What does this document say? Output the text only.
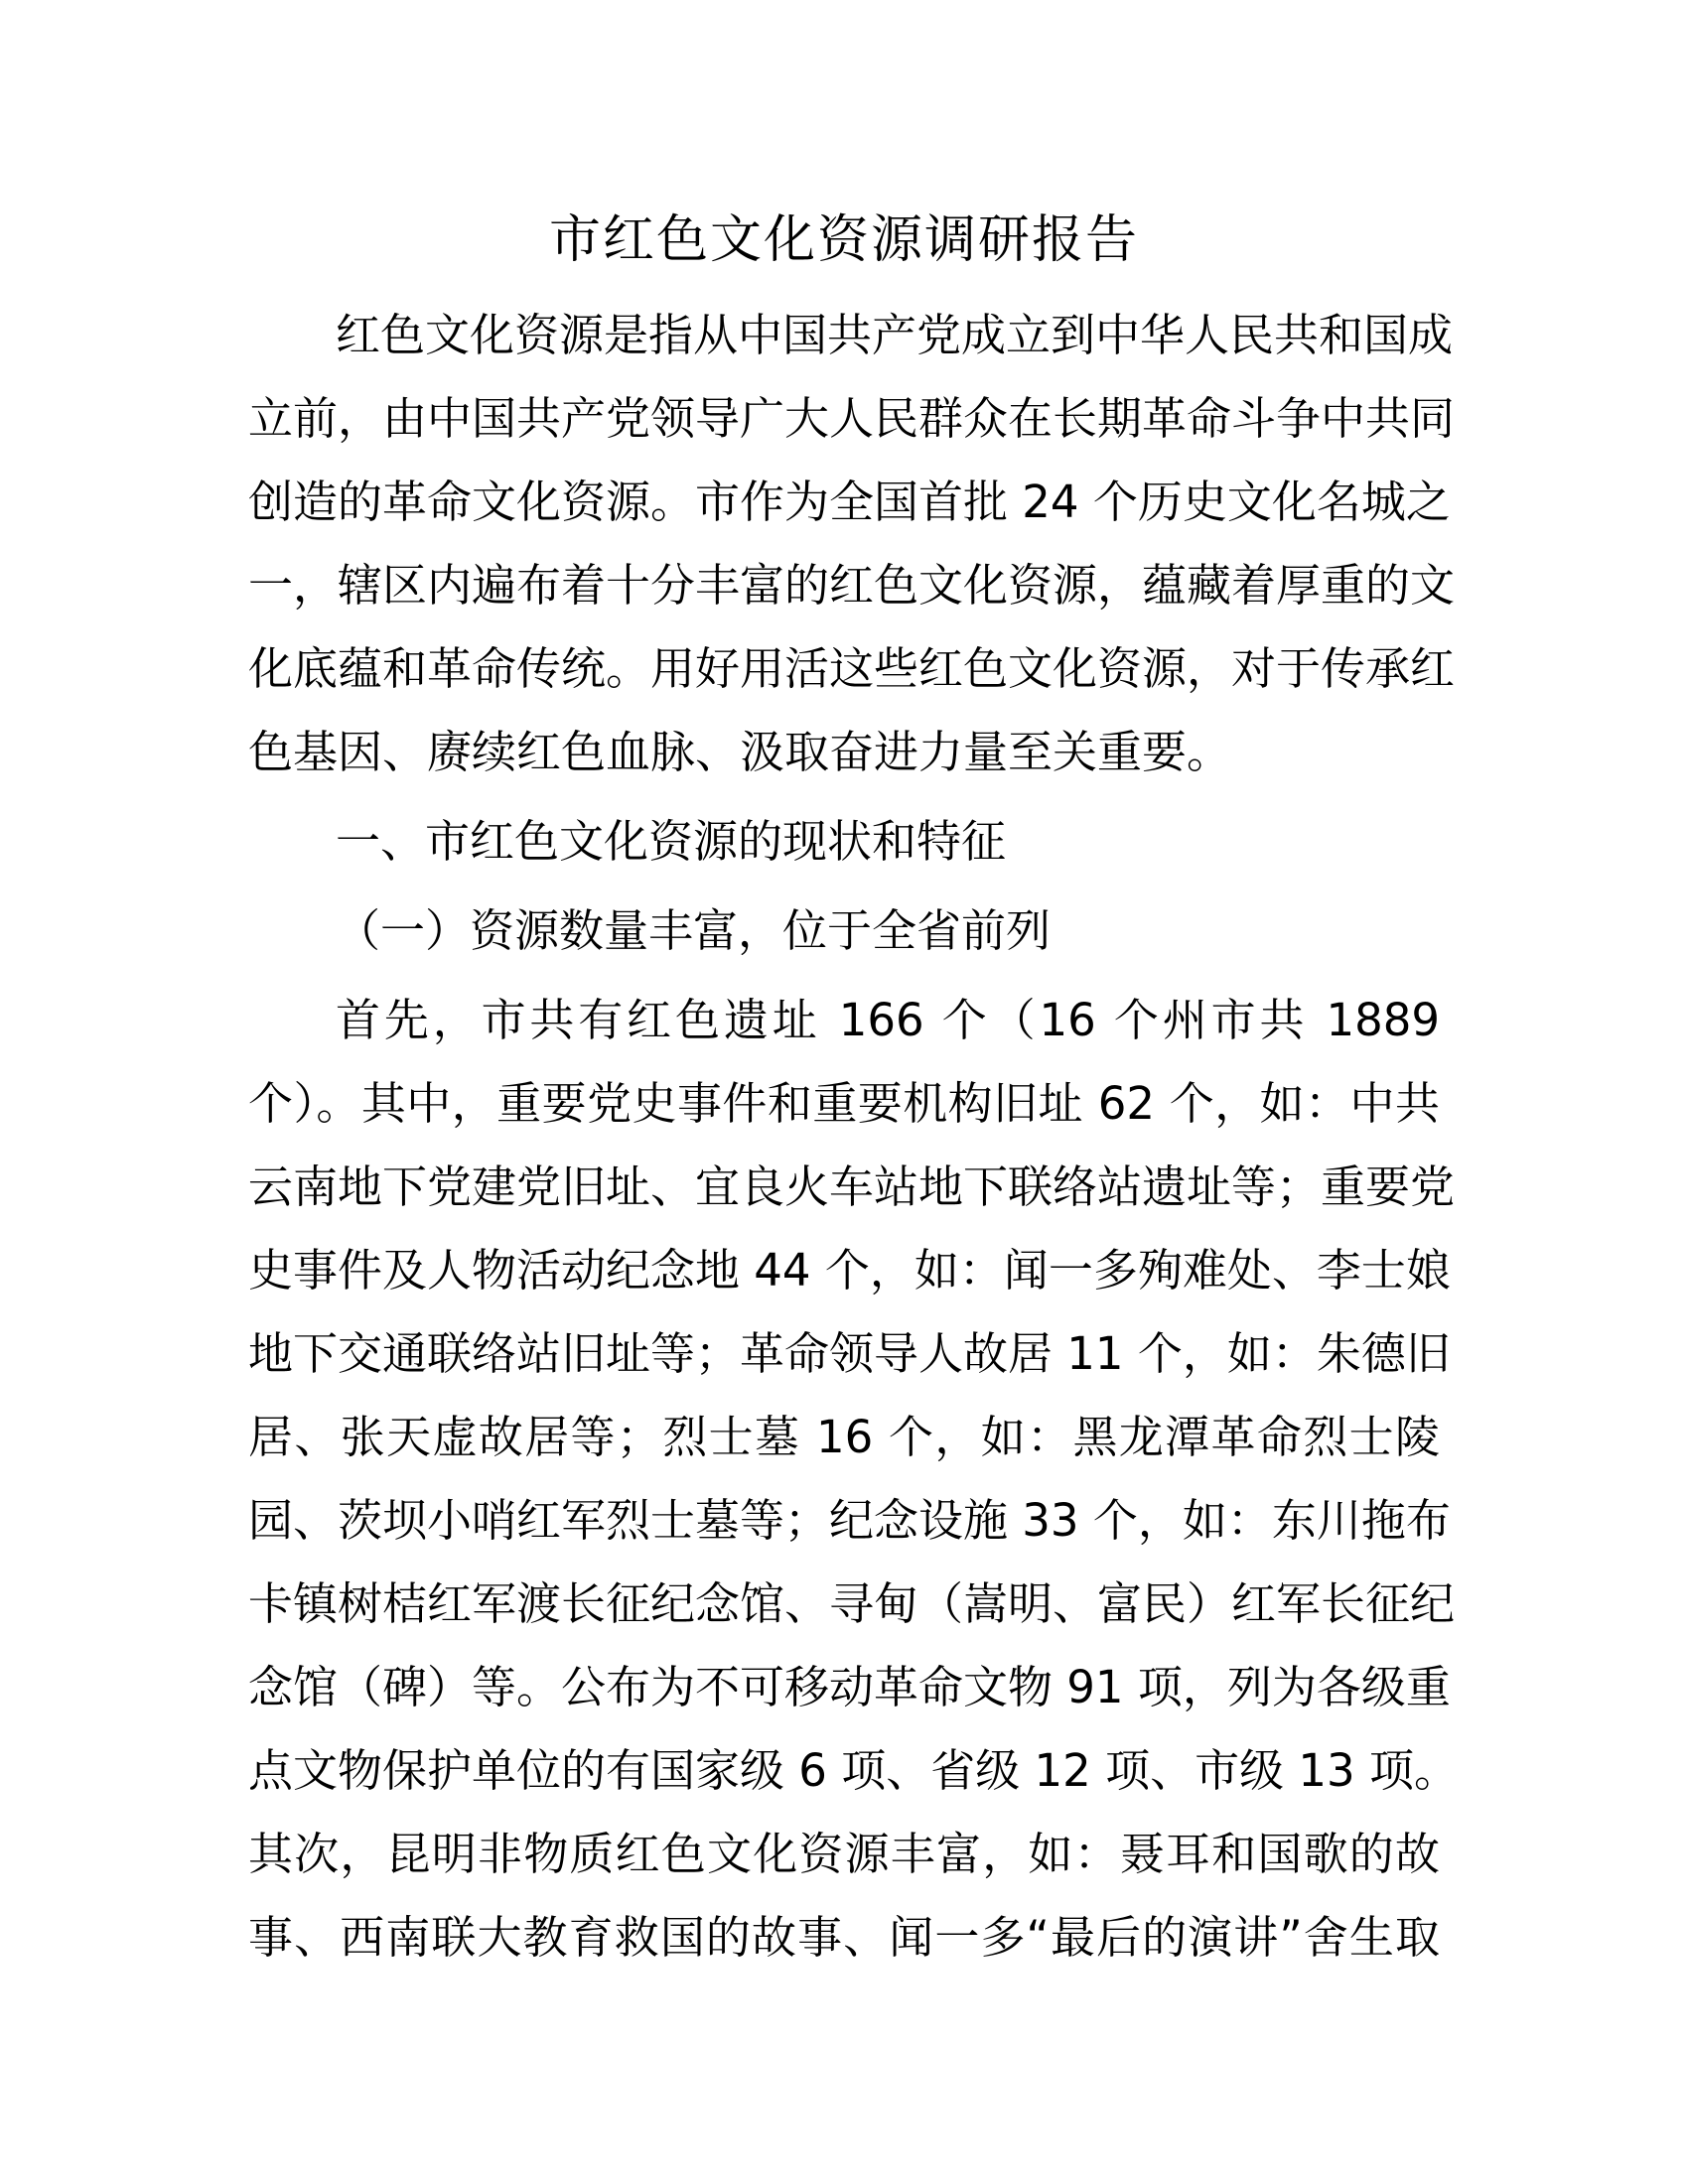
市红色文化资源调研报告
红色文化资源是指从中国共产党成立到中华人民共和国成
立前，由中国共产党领导广大人民群众在长期革命斗争中共同
创造的革命文化资源。市作为全国首批 24 个历史文化名城之
一，辖区内遍布着十分丰富的红色文化资源，蕴藏着厚重的文
化底蕴和革命传统。用好用活这些红色文化资源，对于传承红
色基因、赓续红色血脉、汲取奋进力量至关重要。
一、市红色文化资源的现状和特征
（一）资源数量丰富，位于全省前列
首先，市共有红色遗址 166 个（16 个州市共 1889
个）。其中，重要党史事件和重要机构旧址 62 个，如：中共
云南地下党建党旧址、宜良火车站地下联络站遗址等；重要党
史事件及人物活动纪念地 44 个，如：闻一多殉难处、李士娘
地下交通联络站旧址等；革命领导人故居 11 个，如：朱德旧
居、张天虚故居等；烈士墓 16 个，如：黑龙潭革命烈士陵
园、茨坝小哨红军烈士墓等；纪念设施 33 个，如：东川拖布
卡镇树桔红军渡长征纪念馆、寻甸（嵩明、富民）红军长征纪
念馆（碑）等。公布为不可移动革命文物 91 项，列为各级重
点文物保护单位的有国家级 6 项、省级 12 项、市级 13 项。
其次，昆明非物质红色文化资源丰富，如：聂耳和国歌的故
事、西南联大教育救国的故事、闻一多“最后的演讲”舍生取
